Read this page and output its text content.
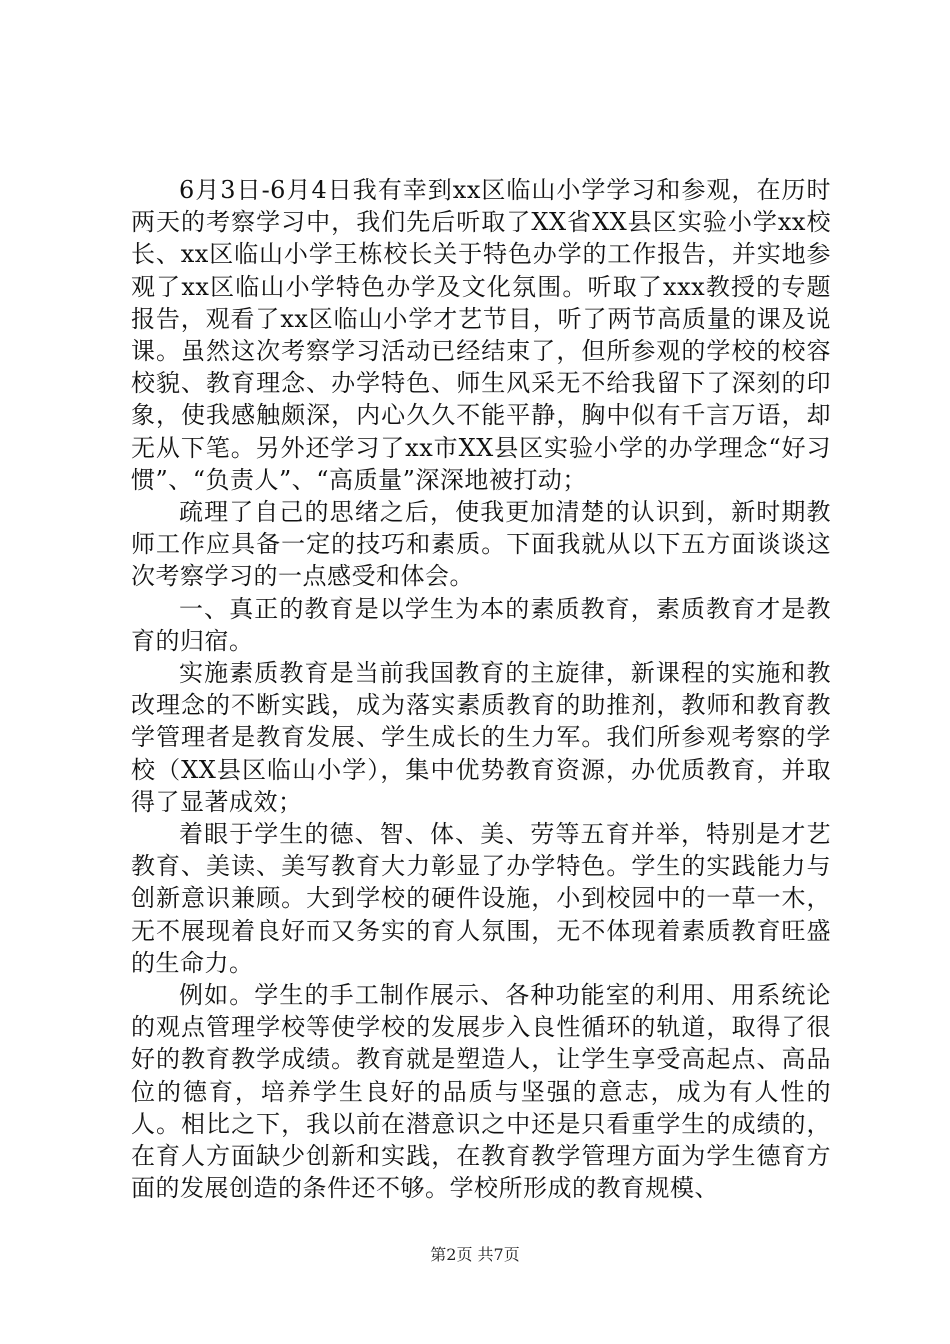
6月3日-6月4日我有幸到xx区临山小学学习和参观，在历时两天的考察学习中，我们先后听取了XX省XX县区实验小学xx校长、xx区临山小学王栋校长关于特色办学的工作报告，并实地参观了xx区临山小学特色办学及文化氛围。听取了xxx教授的专题报告，观看了xx区临山小学才艺节目，听了两节高质量的课及说课。虽然这次考察学习活动已经结束了，但所参观的学校的校容校貌、教育理念、办学特色、师生风采无不给我留下了深刻的印象，使我感触颇深，内心久久不能平静，胸中似有千言万语，却无从下笔。另外还学习了xx市XX县区实验小学的办学理念“好习惯”、“负责人”、“高质量”深深地被打动；

疏理了自己的思绪之后，使我更加清楚的认识到，新时期教师工作应具备一定的技巧和素质。下面我就从以下五方面谈谈这次考察学习的一点感受和体会。

一、真正的教育是以学生为本的素质教育，素质教育才是教育的归宿。

实施素质教育是当前我国教育的主旋律，新课程的实施和教改理念的不断实践，成为落实素质教育的助推剂，教师和教育教学管理者是教育发展、学生成长的生力军。我们所参观考察的学校（XX县区临山小学），集中优势教育资源，办优质教育，并取得了显著成效；

着眼于学生的德、智、体、美、劳等五育并举，特别是才艺教育、美读、美写教育大力彰显了办学特色。学生的实践能力与创新意识兼顾。大到学校的硬件设施，小到校园中的一草一木，无不展现着良好而又务实的育人氛围，无不体现着素质教育旺盛的生命力。

例如。学生的手工制作展示、各种功能室的利用、用系统论的观点管理学校等使学校的发展步入良性循环的轨道，取得了很好的教育教学成绩。教育就是塑造人，让学生享受高起点、高品位的德育，培养学生良好的品质与坚强的意志，成为有人性的人。相比之下，我以前在潜意识之中还是只看重学生的成绩的，在育人方面缺少创新和实践，在教育教学管理方面为学生德育方面的发展创造的条件还不够。学校所形成的教育规模、

第2页 共7页
